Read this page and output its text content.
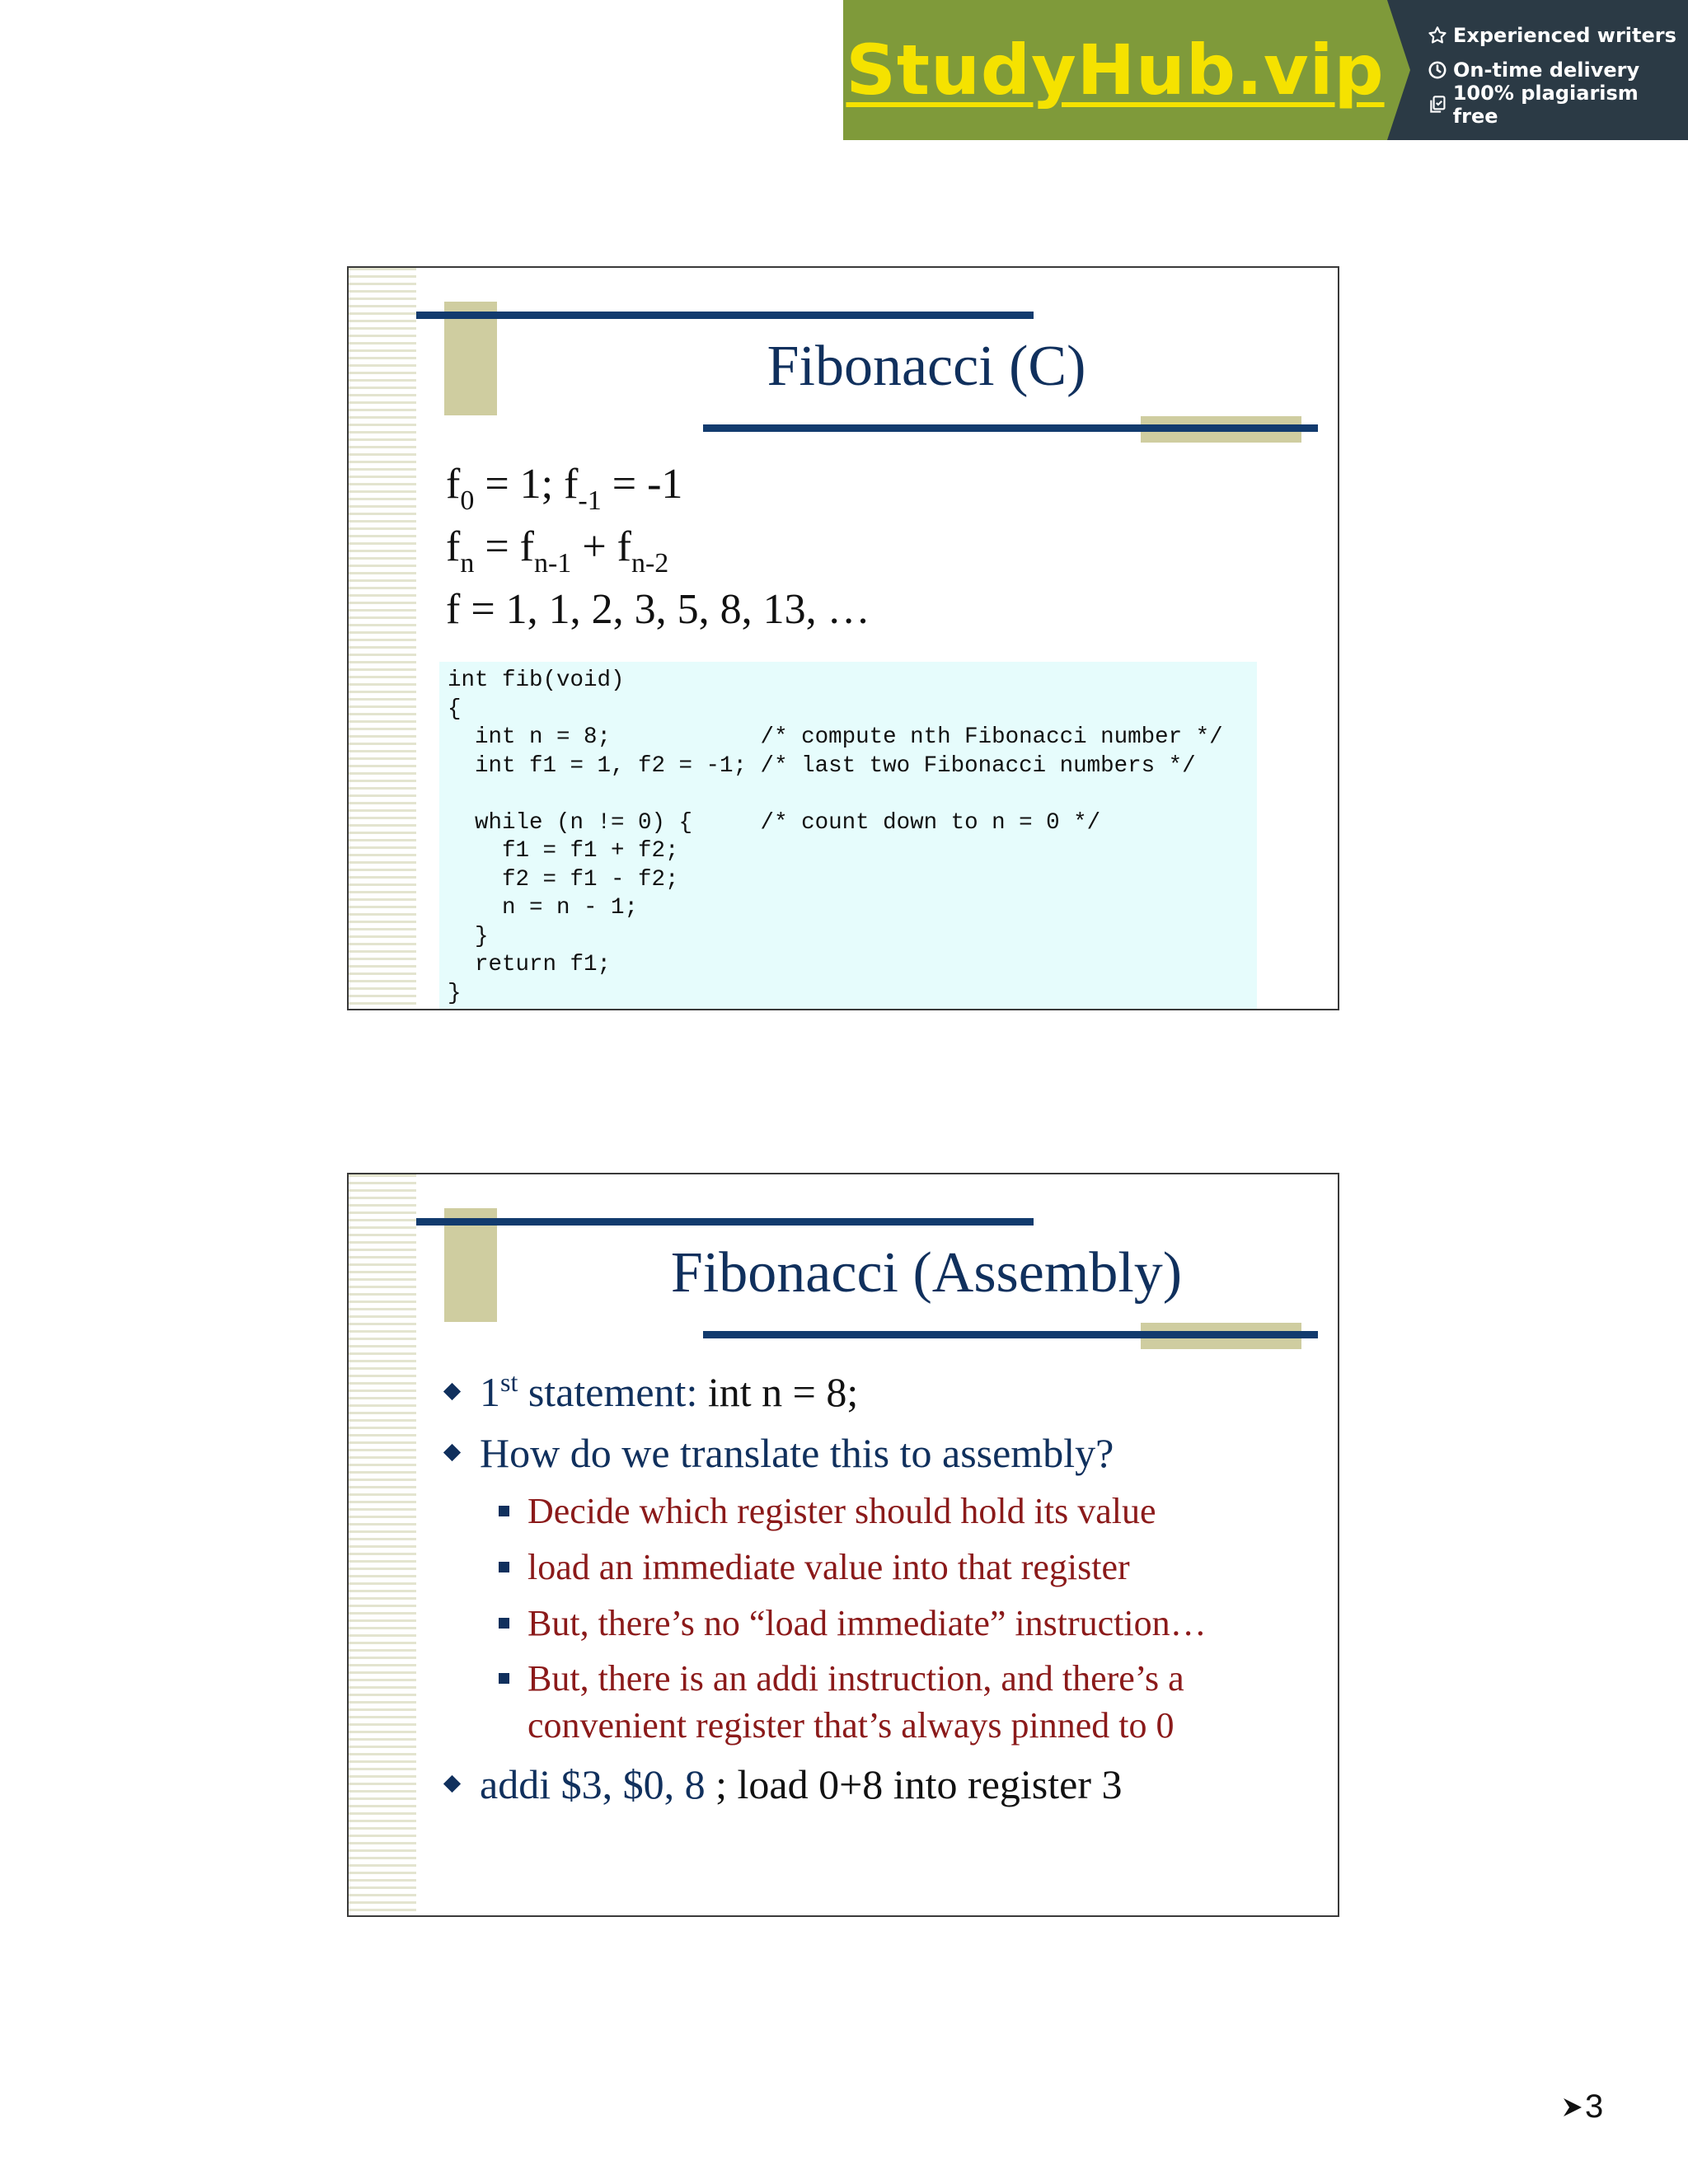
StudyHub.vip	Experienced writers
On-time delivery
100% plagiarism free
Fibonacci (C)
$f_0 = 1$; $f_{-1} = -1$
$f_n = f_{n-1} + f_{n-2}$
f = 1, 1, 2, 3, 5, 8, 13, …
int fib(void)
{
int n = 8;           /* compute nth Fibonacci number */
int f1 = 1, f2 = -1; /* last two Fibonacci numbers */

while (n != 0) {     /* count down to n = 0 */
f1 = f1 + f2;
f2 = f1 - f2;
n = n - 1;
}
return f1;
}
Fibonacci (Assembly)
1st statement: int n = 8;
How do we translate this to assembly?
Decide which register should hold its value
load an immediate value into that register
But, there’s no “load immediate” instruction…
But, there is an addi instruction, and there’s a
convenient register that’s always pinned to 0
addi $3, $0, 8 ; load 0+8 into register 3
3
